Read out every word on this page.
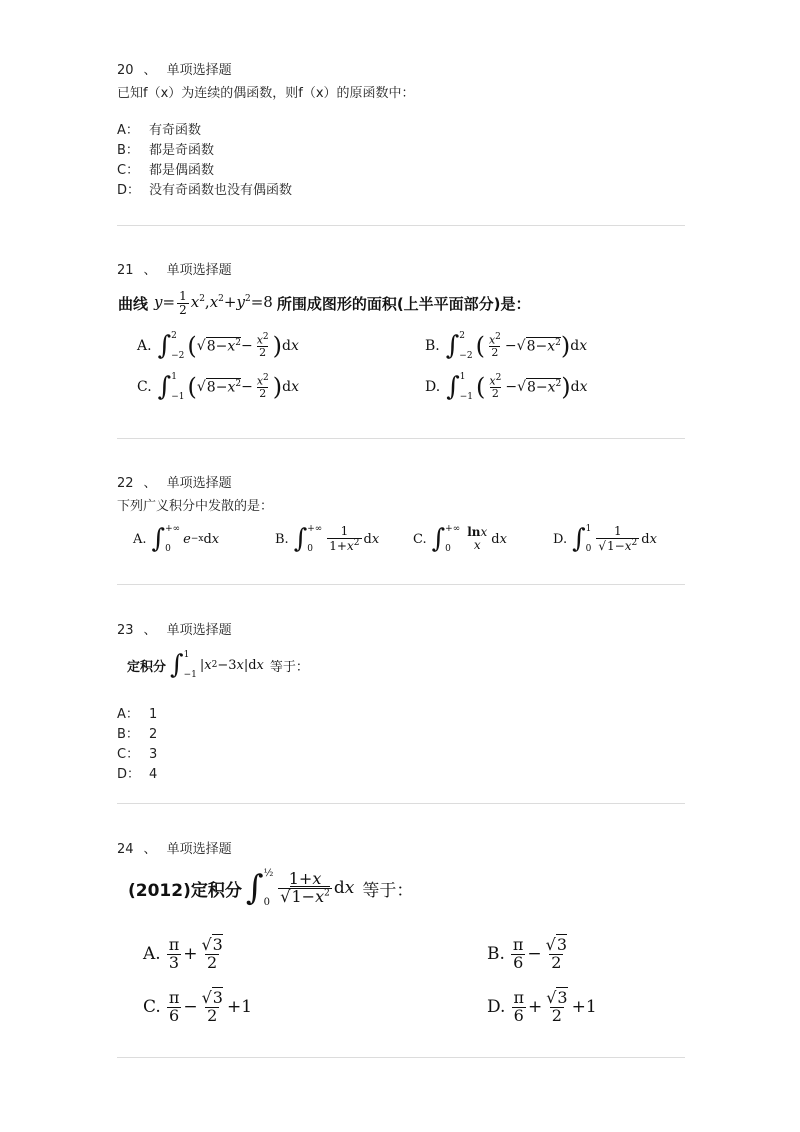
20 、 单项选择题
已知f（x）为连续的偶函数，则f（x）的原函数中：
A： 有奇函数
B： 都是奇函数
C： 都是偶函数
D： 没有奇函数也没有偶函数
21 、 单项选择题
曲线 $y= \frac{1}{2} x^2,x^2+y^2=8$ 所围成图形的面积(上半平面部分)是：
A. ∫ 2
−2 ( √ $8-x^2 - \frac{x^2}{2}$ ) d x	B. ∫ 2
−2 ( $\frac{x^2}{2}$ −√ $8-x^2$ ) d x
C. ∫ 1
−1 ( √ $8-x^2 - \frac{x^2}{2}$ ) d x	D. ∫ 1
−1 ( $\frac{x^2}{2}$ −√ $8-x^2$ ) d x
22 、 单项选择题
下列广义积分中发散的是：
A. ∫ +∞
0
e −x d x	B. ∫ +∞
0	$\frac{1}{1+x^2}$ d x	C. ∫ +∞
0
lnx
x d x	D. ∫ 1
$0 \frac{1}{√1-x^2}$ d x
23 、 单项选择题
定积分 ∫ 1
−1
| x 2 −3 x |d x 等于：
A： 1
B： 2
C： 3
D： 4
24 、 单项选择题
(2012)定积分 ∫ ½
$0 \frac{1+x}{√1-x^2}$ d x 等于：
A. $\frac{\pi}{3} + \frac{√3}{2}$	B. $\frac{\pi}{6} - \frac{√3}{2}$
C. $\frac{\pi}{6} - \frac{√3}{2} +1$	D. $\frac{\pi}{6} + \frac{√3}{2} +1$
